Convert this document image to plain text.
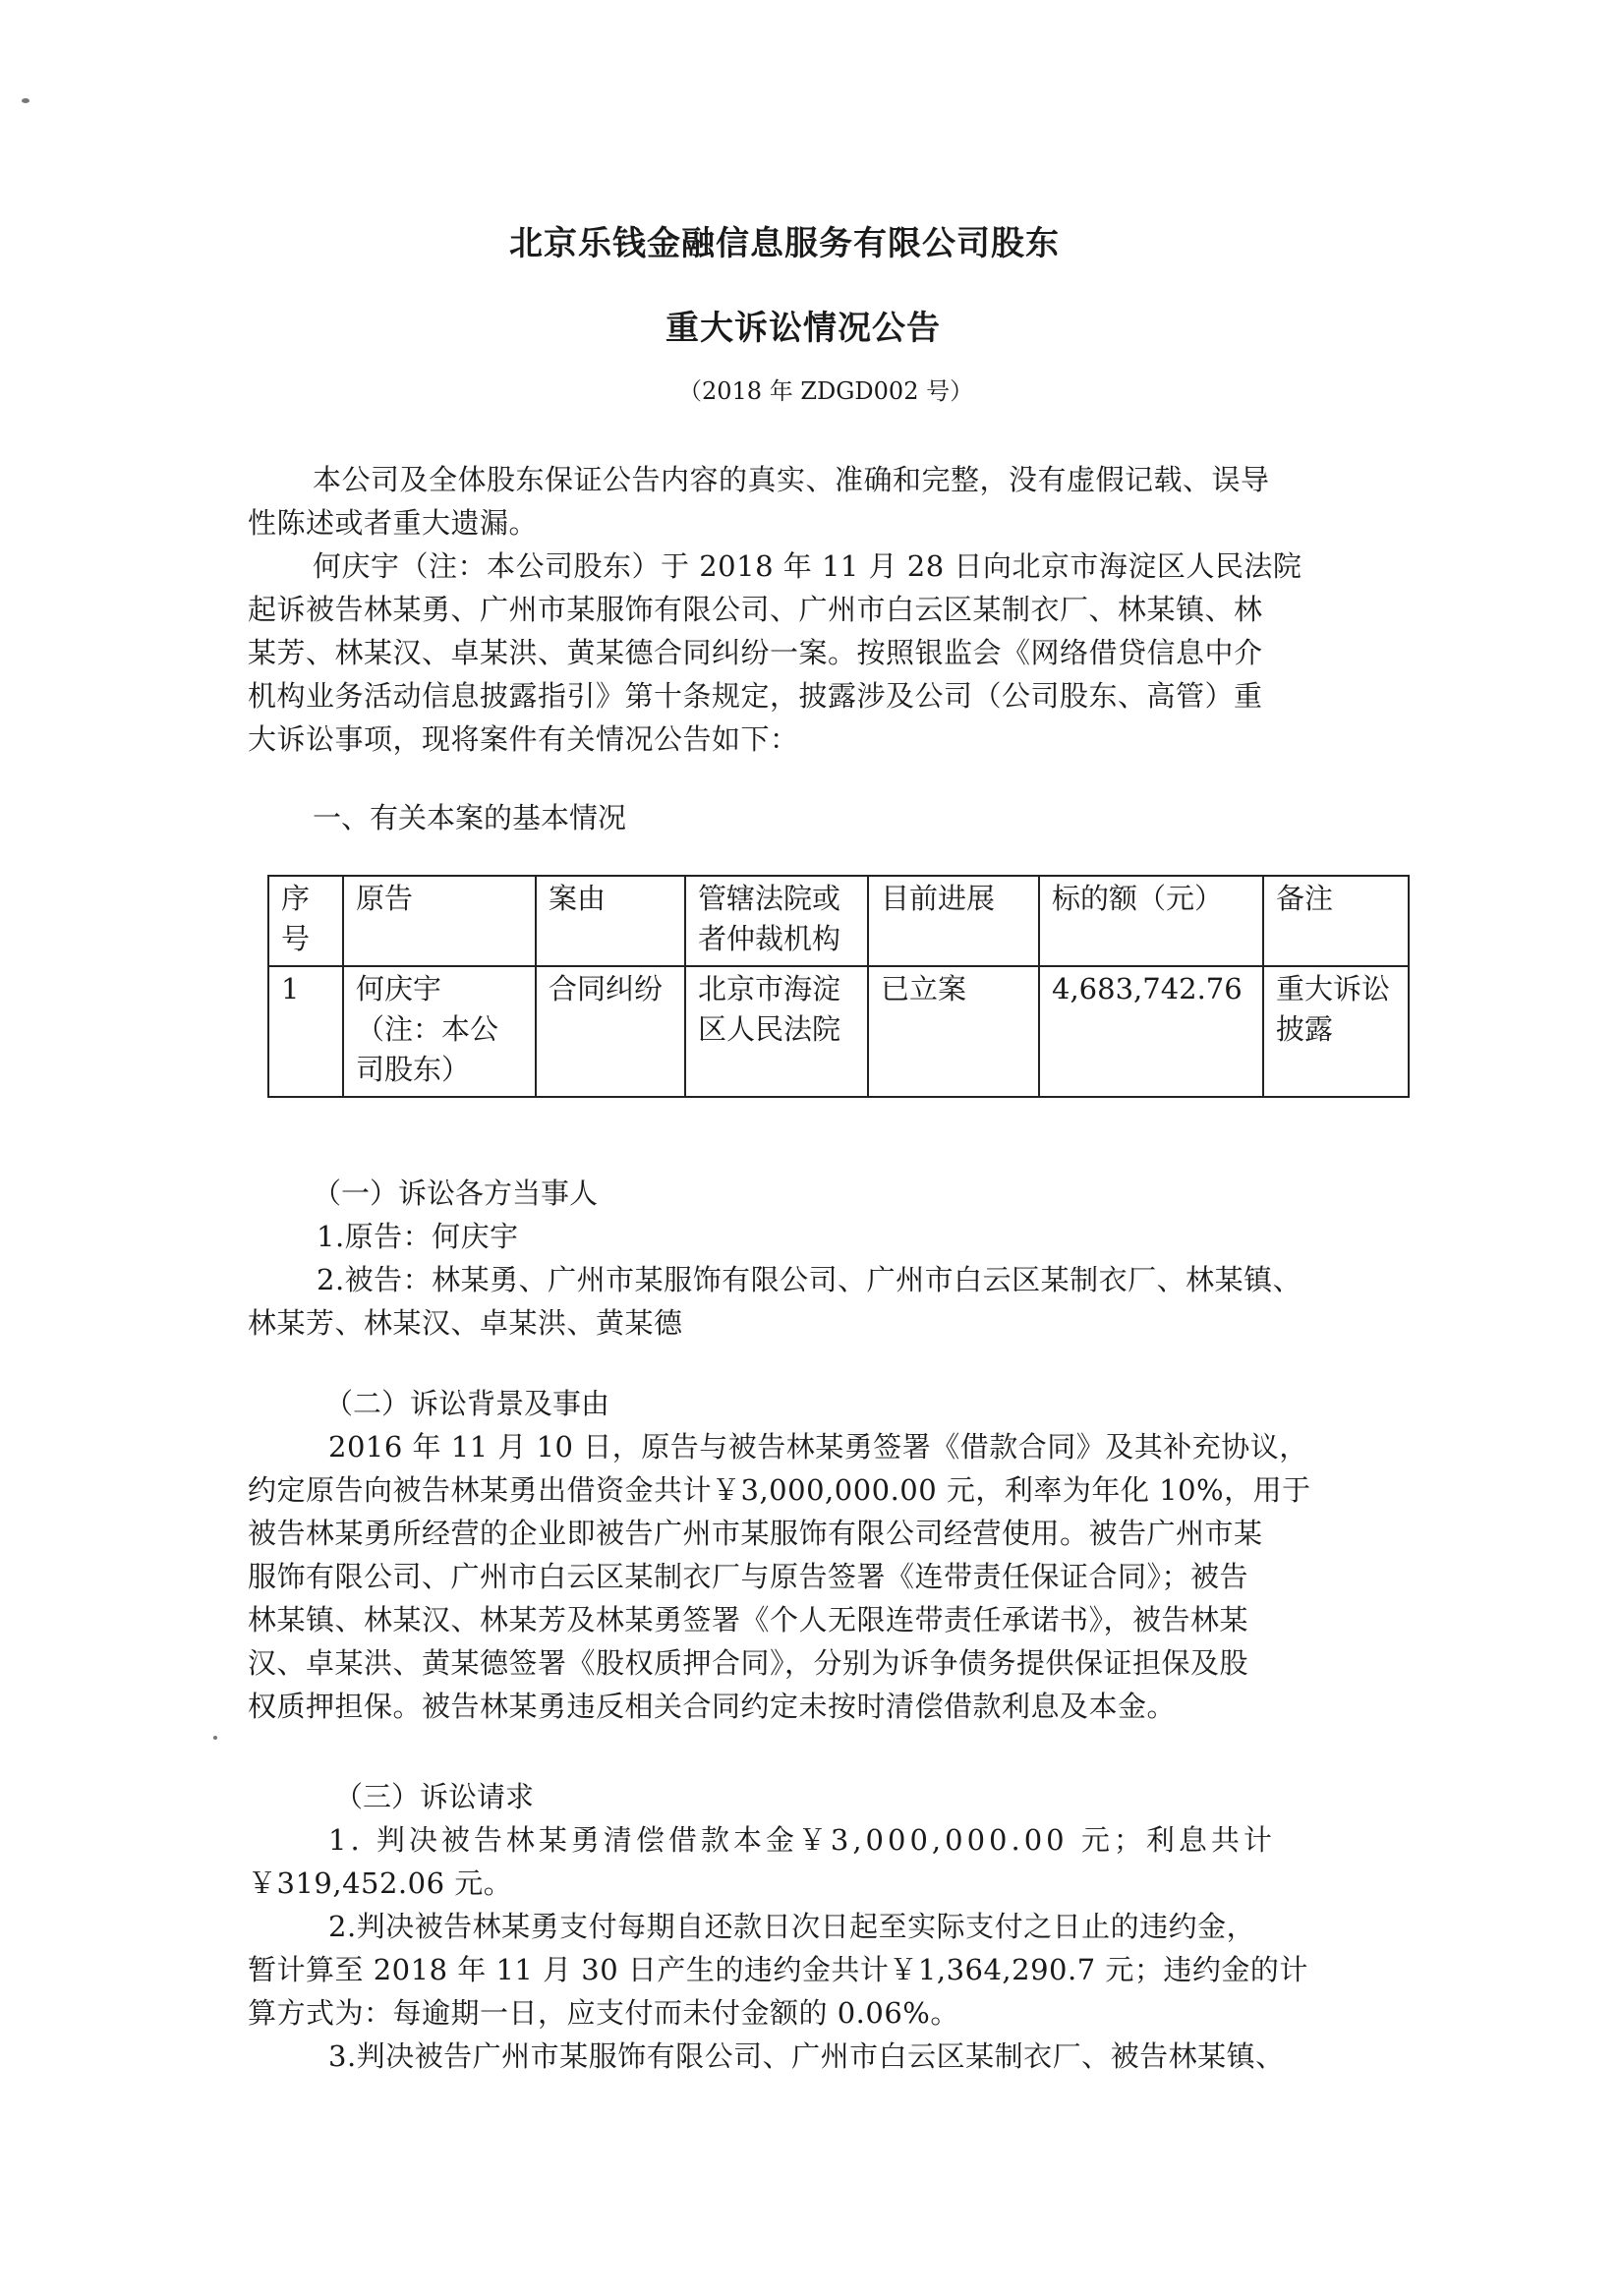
北京乐钱金融信息服务有限公司股东
重大诉讼情况公告
（2018 年 ZDGD002 号）
本公司及全体股东保证公告内容的真实、准确和完整，没有虚假记载、误导
性陈述或者重大遗漏。
何庆宇（注：本公司股东）于 2018 年 11 月 28 日向北京市海淀区人民法院
起诉被告林某勇、广州市某服饰有限公司、广州市白云区某制衣厂、林某镇、林
某芳、林某汉、卓某洪、黄某德合同纠纷一案。按照银监会《网络借贷信息中介
机构业务活动信息披露指引》第十条规定，披露涉及公司（公司股东、高管）重
大诉讼事项，现将案件有关情况公告如下：
一、有关本案的基本情况
序号	原告	案由	管辖法院或者仲裁机构	目前进展	标的额（元）	备注
1	何庆宇（注：本公司股东）	合同纠纷	北京市海淀区人民法院	已立案	4,683,742.76	重大诉讼披露
（一）诉讼各方当事人
1.原告：何庆宇
2.被告：林某勇、广州市某服饰有限公司、广州市白云区某制衣厂、林某镇、
林某芳、林某汉、卓某洪、黄某德
（二）诉讼背景及事由
2016 年 11 月 10 日，原告与被告林某勇签署《借款合同》及其补充协议，
约定原告向被告林某勇出借资金共计￥3,000,000.00 元，利率为年化 10%，用于
被告林某勇所经营的企业即被告广州市某服饰有限公司经营使用。被告广州市某
服饰有限公司、广州市白云区某制衣厂与原告签署《连带责任保证合同》；被告
林某镇、林某汉、林某芳及林某勇签署《个人无限连带责任承诺书》，被告林某
汉、卓某洪、黄某德签署《股权质押合同》，分别为诉争债务提供保证担保及股
权质押担保。被告林某勇违反相关合同约定未按时清偿借款利息及本金。
（三）诉讼请求
1. 判决被告林某勇清偿借款本金￥3,000,000.00 元；利息共计
￥319,452.06 元。
2.判决被告林某勇支付每期自还款日次日起至实际支付之日止的违约金，
暂计算至 2018 年 11 月 30 日产生的违约金共计￥1,364,290.7 元；违约金的计
算方式为：每逾期一日，应支付而未付金额的 0.06%。
3.判决被告广州市某服饰有限公司、广州市白云区某制衣厂、被告林某镇、
